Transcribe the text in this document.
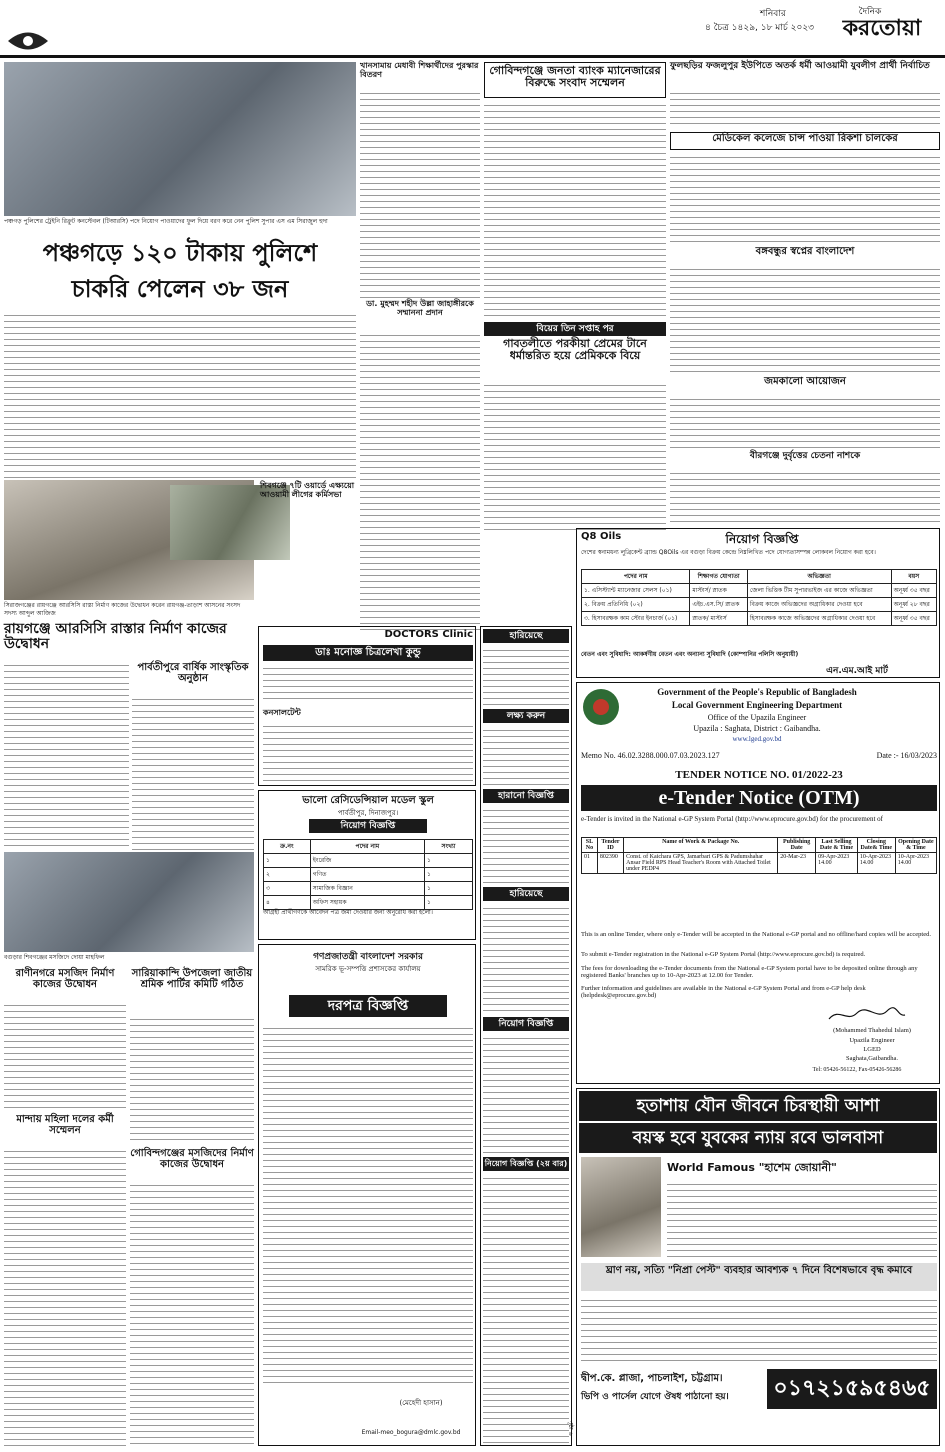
শনিবার
৪ চৈত্র ১৪২৯, ১৮ মার্চ ২০২৩
দৈনিক
করতোয়া
পঞ্চগড় পুলিশের ট্রেইনি রিক্রুট কনস্টেবল (টিআরসি) পদে নিয়োগ পাওয়াদের ফুল দিয়ে বরণ করে নেন পুলিশ সুপার এস এম সিরাজুল হুদা
পঞ্চগড়ে ১২০ টাকায় পুলিশে
চাকরি পেলেন ৩৮ জন
সিরাজগঞ্জের রায়গঞ্জে আরসিসি রাস্তা নির্মাণ কাজের উদ্বোধন করেন রায়গঞ্জ-তাড়াশ আসনের সংসদ সদস্য আব্দুল আজিজ
শিবগঞ্জে ৭টি ওয়ার্ডে এক্ষ্যয়ো আওয়ামী লীগের কর্মিসভা
খানসামায় মেধাবী শিক্ষার্থীদের পুরস্কার বিতরণ
ডা. মুহম্মদ শহীদ উল্লা জাহাঙ্গীরকে সম্মাননা প্রদান
গোবিন্দগঞ্জে জনতা ব্যাংক ম্যানেজারের বিরুদ্ধে সংবাদ সম্মেলন
ফুলছড়ির ফজলুপুর ইউপিতে অতর্ক ধর্মী আওয়ামী যুবলীগ প্রার্থী নির্বাচিত
মেডিকেল কলেজে চান্স পাওয়া রিকশা চালকের
বঙ্গবন্ধুর স্বপ্নের বাংলাদেশ
জমকালো আয়োজন
বীরগঞ্জে দুর্বৃত্তের চেতনা নাশকে
বিয়ের তিন সপ্তাহ পর
গাবতলীতে পরকীয়া প্রেমের টানে ধর্মান্তরিত হয়ে প্রেমিককে বিয়ে
রায়গঞ্জে আরসিসি রাস্তার নির্মাণ কাজের উদ্বোধন
পার্বতীপুরে বার্ষিক সাংস্কৃতিক অনুষ্ঠান
বগুড়ার শিবগঞ্জের মসজিদে দোয়া মাহফিল
রাণীনগরে মসজিদ নির্মাণ কাজের উদ্বোধন
সারিয়াকান্দি উপজেলা জাতীয় শ্রমিক পার্টির কমিটি গঠিত
মান্দায় মহিলা দলের কর্মী সম্মেলন
গোবিন্দগঞ্জের মসজিদের নির্মাণ কাজের উদ্বোধন
DOCTORS Clinic
ডাঃ মনোজ্ঞ চিত্রলেখা কুন্ডু
কনসালটেন্ট
ভালো রেসিডেন্সিয়াল মডেল স্কুল
পার্বতীপুর, দিনাজপুর।
নিয়োগ বিজ্ঞপ্তি
ক্র.নং	পদের নাম	সংখ্যা
১	ইংরেজি	১
২	গণিত	১
৩	সামাজিক বিজ্ঞান	১
৪	অফিস সহায়ক	১
আগ্রহী প্রার্থীগণকে আবেদন পত্র জমা দেওয়ার জন্য অনুরোধ করা হলো।
গণপ্রজাতন্ত্রী বাংলাদেশ সরকার
সামরিক ভূ-সম্পত্তি প্রশাসকের কার্যালয়
দরপত্র বিজ্ঞপ্তি
(মেহেদী হাসান)
Email-meo_bogura@dmlc.gov.bd
হারিয়েছে
লক্ষ্য করুন
হারানো বিজ্ঞপ্তি
হারিয়েছে
নিয়োগ বিজ্ঞপ্তি
নিয়োগ বিজ্ঞপ্তি (২য় বার)
Q8 Oils	নিয়োগ বিজ্ঞপ্তি
দেশের স্বনামধন্য লুব্রিকেন্ট ব্র্যান্ড Q8Oils এর বগুড়া বিক্রয় কেন্দ্রে নিম্নলিখিত পদে যোগ্যতাসম্পন্ন লোকবল নিয়োগ করা হবে।
পদের নাম	শিক্ষাগত যোগ্যতা	অভিজ্ঞতা	বয়স
১. এসিস্ট্যান্ট ম্যানেজার সেলস (০১)	মাস্টার্স/ স্নাতক	জেলা ভিত্তিক টীম সুপারভাইজ এর কাজে অভিজ্ঞতা	অনূর্ধ্ব ৩৫ বছর
২. বিক্রয় প্রতিনিধি (০২)	এইচ.এস.সি/ স্নাতক	বিক্রয় কাজে অভিজ্ঞদের অগ্রাধিকার দেওয়া হবে	অনূর্ধ্ব ২৮ বছর
৩. হিসাবরক্ষক কাম স্টোর ইনচার্জ (০১)	স্নাতক/ মাস্টার্স	হিসাবরক্ষক কাজে অভিজ্ঞদের অগ্রাধিকার দেওয়া হবে	অনূর্ধ্ব ৩৫ বছর
বেতন এবং সুবিধাদি: আকর্ষণীয় বেতন এবং অন্যান্য সুবিধাদি (কোম্পানির পলিসি অনুযায়ী)
এন.এম.আই মার্ট
Government of the People's Republic of Bangladesh
Local Government Engineering Department
Office of the Upazila Engineer
Upazila : Saghata, District : Gaibandha.
www.lged.gov.bd
Memo No. 46.02.3288.000.07.03.2023.127	Date :- 16/03/2023
TENDER NOTICE NO. 01/2022-23
e-Tender Notice (OTM)
e-Tender is invited in the National e-GP System Portal (http://www.eprocure.gov.bd) for the procurement of
SL No	Tender ID	Name of Work & Package No.	Publishing Date	Last Selling Date & Time	Closing Date& Time	Opening Date & Time
01	802390	Const. of Kaichara GPS, Jamarbari GPS & Padumshahar Ansar Field RPS Head Teacher's Room with Attached Toilet under PEDP4	20-Mar-23	09-Apr-2023 14.00	10-Apr-2023 14.00	10-Apr-2023 14.00
This is an online Tender, where only e-Tender will be accepted in the National e-GP portal and no offline/hard copies will be accepted.
To submit e-Tender registration in the National e-GP System Portal (http://www.eprocure.gov.bd) is required.
The fees for downloading the e-Tender documents from the National e-GP System portal have to be deposited online through any registered Banks' branches up to 10-Apr-2023 at 12.00 for Tender.
Further information and guidelines are available in the National e-GP System Portal and from e-GP help desk (helpdesk@eprocure.gov.bd)
(Mohammed Thahedul Islam)
Upazila Engineer
LGED
Saghata,Gaibandha.
Tel: 05426-56122, Fax-05426-56286
হতাশায় যৌন জীবনে চিরস্থায়ী আশা
বয়স্ক হবে যুবকের ন্যায় রবে ভালবাসা
World Famous "হাশেম জোয়ানী"
ঘ্রাণ নয়, সত্যি "নিপ্রা পেস্ট" ব্যবহার আবশ্যক ৭ দিনে বিশেষভাবে বৃদ্ধ কমাবে
দ্বীপ.কে. প্লাজা, পাচলাইশ, চট্টগ্রাম।
ভিপি ও পার্সেল যোগে ঔষধ পাঠানো হয়।	০১৭২১৫৯৫৪৬৫
পৃষ্ঠা ৬
